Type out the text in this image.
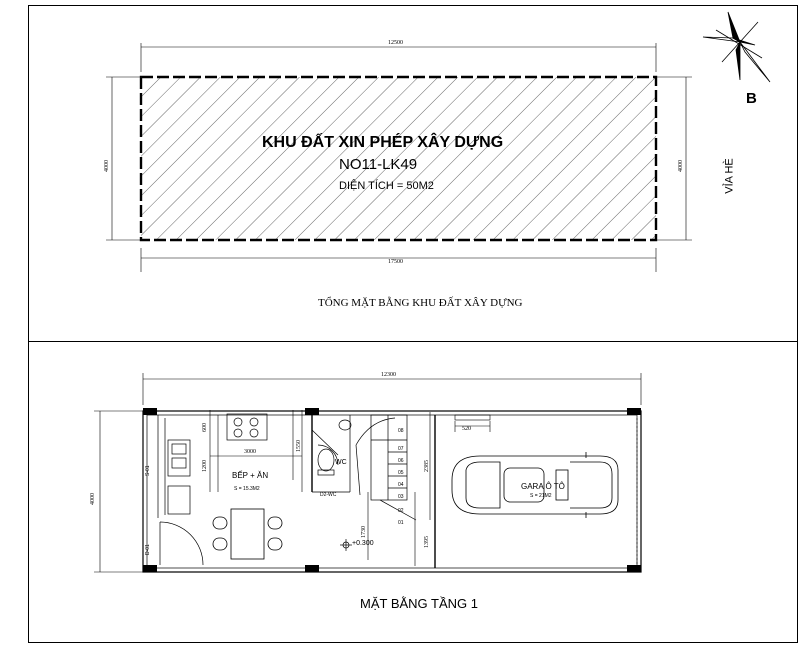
KHU ĐẤT XIN PHÉP XÂY DỰNG
NO11-LK49
DIỆN TÍCH = 50M2
TỔNG MẶT BẰNG KHU ĐẤT XÂY DỰNG
VỈA HÈ
B
12500
17500
4000	4000
MẶT BẰNG TẦNG 1
12300
4000
3000
600
1200
1550
2385
1730
1395
520
BẾP + ĂN
S = 15.3M2	GARA Ô TÔ
S = 21M2
WC
+0.300
D-01
S-01
D2-WC
08
07
06
05
04
03
02
01
